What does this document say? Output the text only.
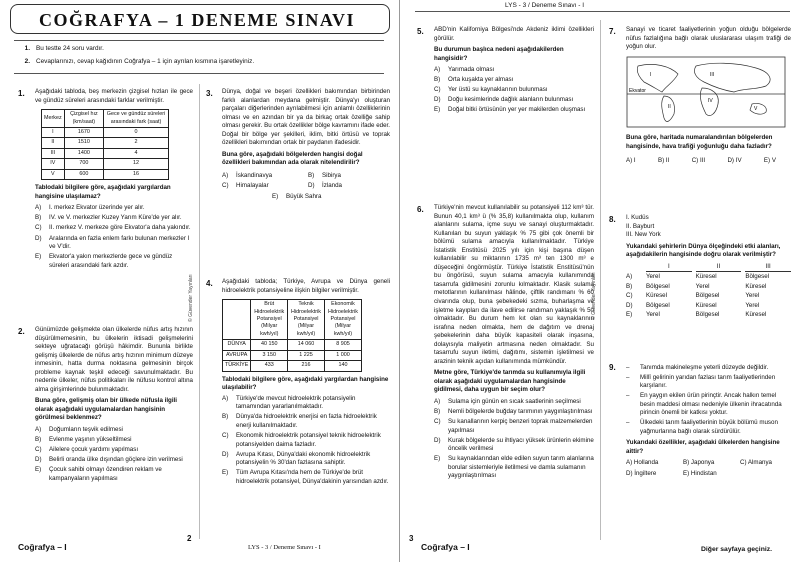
COĞRAFYA – 1 DENEME SINAVI
1. Bu testte 24 soru vardır.
2. Cevaplarınızı, cevap kağıdının Coğrafya – 1 için ayrılan kısmına işaretleyiniz.
1. Aşağıdaki tabloda, beş merkezin çizgisel hızları ile gece ve gündüz süreleri arasındaki farklar verilmiştir.
Merkez	Çizgisel hız (km/saat)	Gece ve gündüz süreleri arasındaki fark (saat)
I	1670	0
II	1510	2
III	1400	4
IV	700	12
V	600	16
Tablodaki bilgilere göre, aşağıdaki yargılardan hangisine ulaşılamaz?
A)	I. merkez Ekvator üzerinde yer alır.
B)	IV. ve V. merkezler Kuzey Yarım Küre'de yer alır.
C)	II. merkez V. merkeze göre Ekvator'a daha yakındır.
D)	Aralarında en fazla enlem farkı bulunan merkezler I ve V'dir.
E)	Ekvator'a yakın merkezlerde gece ve gündüz süreleri arasındaki fark azdır.
2. Günümüzde gelişmekte olan ülkelerde nüfus artış hızının düşürülmemesinin, bu ülkelerin iktisadi gelişmelerini sekteye uğratacağı görüşü hâkimdir. Bununla birlikte gelişmiş ülkelerde de nüfus artış hızının minimum düzeye inmesinin, hatta durma noktasına gelmesinin birçok probleme kaynak teşkil edeceği savunulmaktadır. Bu nedenle ülkeler, nüfus politikaları ile nüfusu kontrol altına alma girişimlerinde bulunmaktadır.
Buna göre, gelişmiş olan bir ülkede nüfusla ilgili olarak aşağıdaki uygulamalardan hangisinin görülmesi beklenmez?
A)	Doğumların teşvik edilmesi
B)	Evlenme yaşının yükseltilmesi
C)	Ailelere çocuk yardımı yapılması
D)	Belirli oranda ülke dışından göçlere izin verilmesi
E)	Çocuk sahibi olmayı özendiren reklam ve kampanyaların yapılması
3. Dünya, doğal ve beşeri özellikleri bakımından birbirinden farklı alanlardan meydana gelmiştir. Dünya'yı oluşturan parçaları diğerlerinden ayrılabilmesi için anlamlı özelliklerinin olması ve en azından bir ya da birkaç ortak özelliğe sahip olması gerekir. Bu ortak özellikler bölge kavramını ifade eder. Doğal bir bölge yer şekilleri, iklim, bitki örtüsü ve toprak özellikleri bakımından ortak bir paydanın ifadesidir.
Buna göre, aşağıdaki bölgelerden hangisi doğal özellikleri bakımından ada olarak nitelendirilir?
A)	İskandinavya	B)	Sibirya
C)	Himalayalar	D)	İzlanda
E)	Büyük Sahra
4. Aşağıdaki tabloda; Türkiye, Avrupa ve Dünya geneli hidroelektrik potansiyeline ilişkin bilgiler verilmiştir.
	Brüt Hidroelektrik Potansiyel (Milyar kwh/yıl)	Teknik Hidroelektrik Potansiyel (Milyar kwh/yıl)	Ekonomik Hidroelektrik Potansiyel (Milyar kwh/yıl)
DÜNYA	40 150	14 060	8 905
AVRUPA	3 150	1 225	1 000
TÜRKİYE	433	216	140
Tablodaki bilgilere göre, aşağıdaki yargılardan hangisine ulaşılabilir?
A)	Türkiye'de mevcut hidroelektrik potansiyelin tamamından yararlanılmaktadır.
B)	Dünya'da hidroelektrik enerjisi en fazla hidroelektrik enerji kullanılmaktadır.
C)	Ekonomik hidroelektrik potansiyel teknik hidroelektrik potansiyelden daima fazladır.
D)	Avrupa Kıtası, Dünya'daki ekonomik hidroelektrik potansiyelin % 30'dan fazlasına sahiptir.
E)	Tüm Avrupa Kıtası'nda hem de Türkiye'de brüt hidroelektrik potansiyel, Dünya'dakinin yarısından azdır.
© Güvender Yayınları
Coğrafya – I
2
LYS - 3 / Deneme Sınavı - I
LYS - 3 / Deneme Sınavı - I
5. ABD'nin Kaliforniya Bölgesi'nde Akdeniz iklimi özellikleri görülür.
Bu durumun başlıca nedeni aşağıdakilerden hangisidir?
A)	Yarımada olması
B)	Orta kuşakta yer alması
C)	Yer üstü su kaynaklarının bulunması
D)	Doğu kesimlerinde dağlık alanların bulunması
E)	Doğal bitki örtüsünün yer yer makilerden oluşması
6. Türkiye'nin mevcut kullanılabilir su potansiyeli 112 km³ tür. Bunun 40,1 km³ ü (% 35,8) kullanılmakta olup, kullanım alanlarını sulama, içme suyu ve sanayi oluşturmaktadır. Kullanılan bu suyun yaklaşık % 75 gibi çok önemli bir bölümü sulama amacıyla kullanılmaktadır. Türkiye İstatistik Enstitüsü 2025 yılı için kişi başına düşen kullanılabilir su miktarının 1735 m³ ten 1300 m³ e düşeceğini öngörmüştür. Türkiye İstatistik Enstitüsü'nün bu öngörüsü, suyun sulama amacıyla kullanımında tasarrufa gidilmesini zorunlu kılmaktadır. Klasik sulama metotlarının kullanılması hâlinde, çiftlik randımanı % 60 civarında olup, buna şebekedeki sızma, buharlaşma ve işletme kayıpları da ilave edilirse randıman yaklaşık % 50 olmaktadır. Bu durum hem kıt olan su kaynaklarının israfına neden olmakta, hem de dağıtım ve drenaj şebekelerinin daha büyük kapasiteli olarak inşasına, dolayısıyla maliyetin artmasına neden olmaktadır. Su tasarrufu suyun iletimi, dağıtımı, sistemin işletilmesi ve arazinin teknik açıdan kullanımında mümkündür.
Metne göre, Türkiye'de tarımda su kullanımıyla ilgili olarak aşağıdaki uygulamalardan hangisinde gidilmesi, daha uygun bir seçim olur?
A)	Sulama için günün en sıcak saatlerinin seçilmesi
B)	Nemli bölgelerde buğday tarımının yaygınlaştırılması
C)	Su kanallarının kerpiç benzeri toprak malzemelerden yapılması
D)	Kurak bölgelerde su ihtiyacı yüksek ürünlerin ekimine öncelik verilmesi
E)	Su kaynaklarından elde edilen suyun tarım alanlarına borular sistemleriyle iletilmesi ve damla sulamanın yaygınlaştırılması
7. Sanayi ve ticaret faaliyetlerinin yoğun olduğu bölgelerde nüfus fazlalığına bağlı olarak uluslararası ulaşım trafiği de yoğun olur.
Ekvator
I
II
III
IV
V
Buna göre, haritada numaralandırılan bölgelerden hangisinde, hava trafiği yoğunluğu daha fazladır?
A) I	B) II	C) III	D) IV	E) V
8. I. Kudüs
II. Bayburt
III. New York
Yukarıdaki şehirlerin Dünya ölçeğindeki etki alanları, aşağıdakilerin hangisinde doğru olarak verilmiştir?
I	II	III
A)	Yerel	Küresel	Bölgesel
B)	Bölgesel	Yerel	Küresel
C)	Küresel	Bölgesel	Yerel
D)	Bölgesel	Küresel	Yerel
E)	Yerel	Bölgesel	Küresel
9. –	Tanımda makineleşme yeterli düzeyde değildir.
–	Millî gelirinin yarıdan fazlası tarım faaliyetlerinden karşılanır.
–	En yaygın ekilen ürün pirinçtir. Ancak halkın temel besin maddesi olması nedeniyle ülkenin ihracatında pirincin önemli bir katkısı yoktur.
–	Ülkedeki tarım faaliyetlerinin büyük bölümü muson yağmurlarına bağlı olarak sürdürülür.
Yukarıdaki özellikler, aşağıdaki ülkelerden hangisine aittir?
A) Hollanda	B) Japonya	C) Almanya
D) İngiltere	E) Hindistan
© Güvender Yayınları
3
Coğrafya – I	Diğer sayfaya geçiniz.
